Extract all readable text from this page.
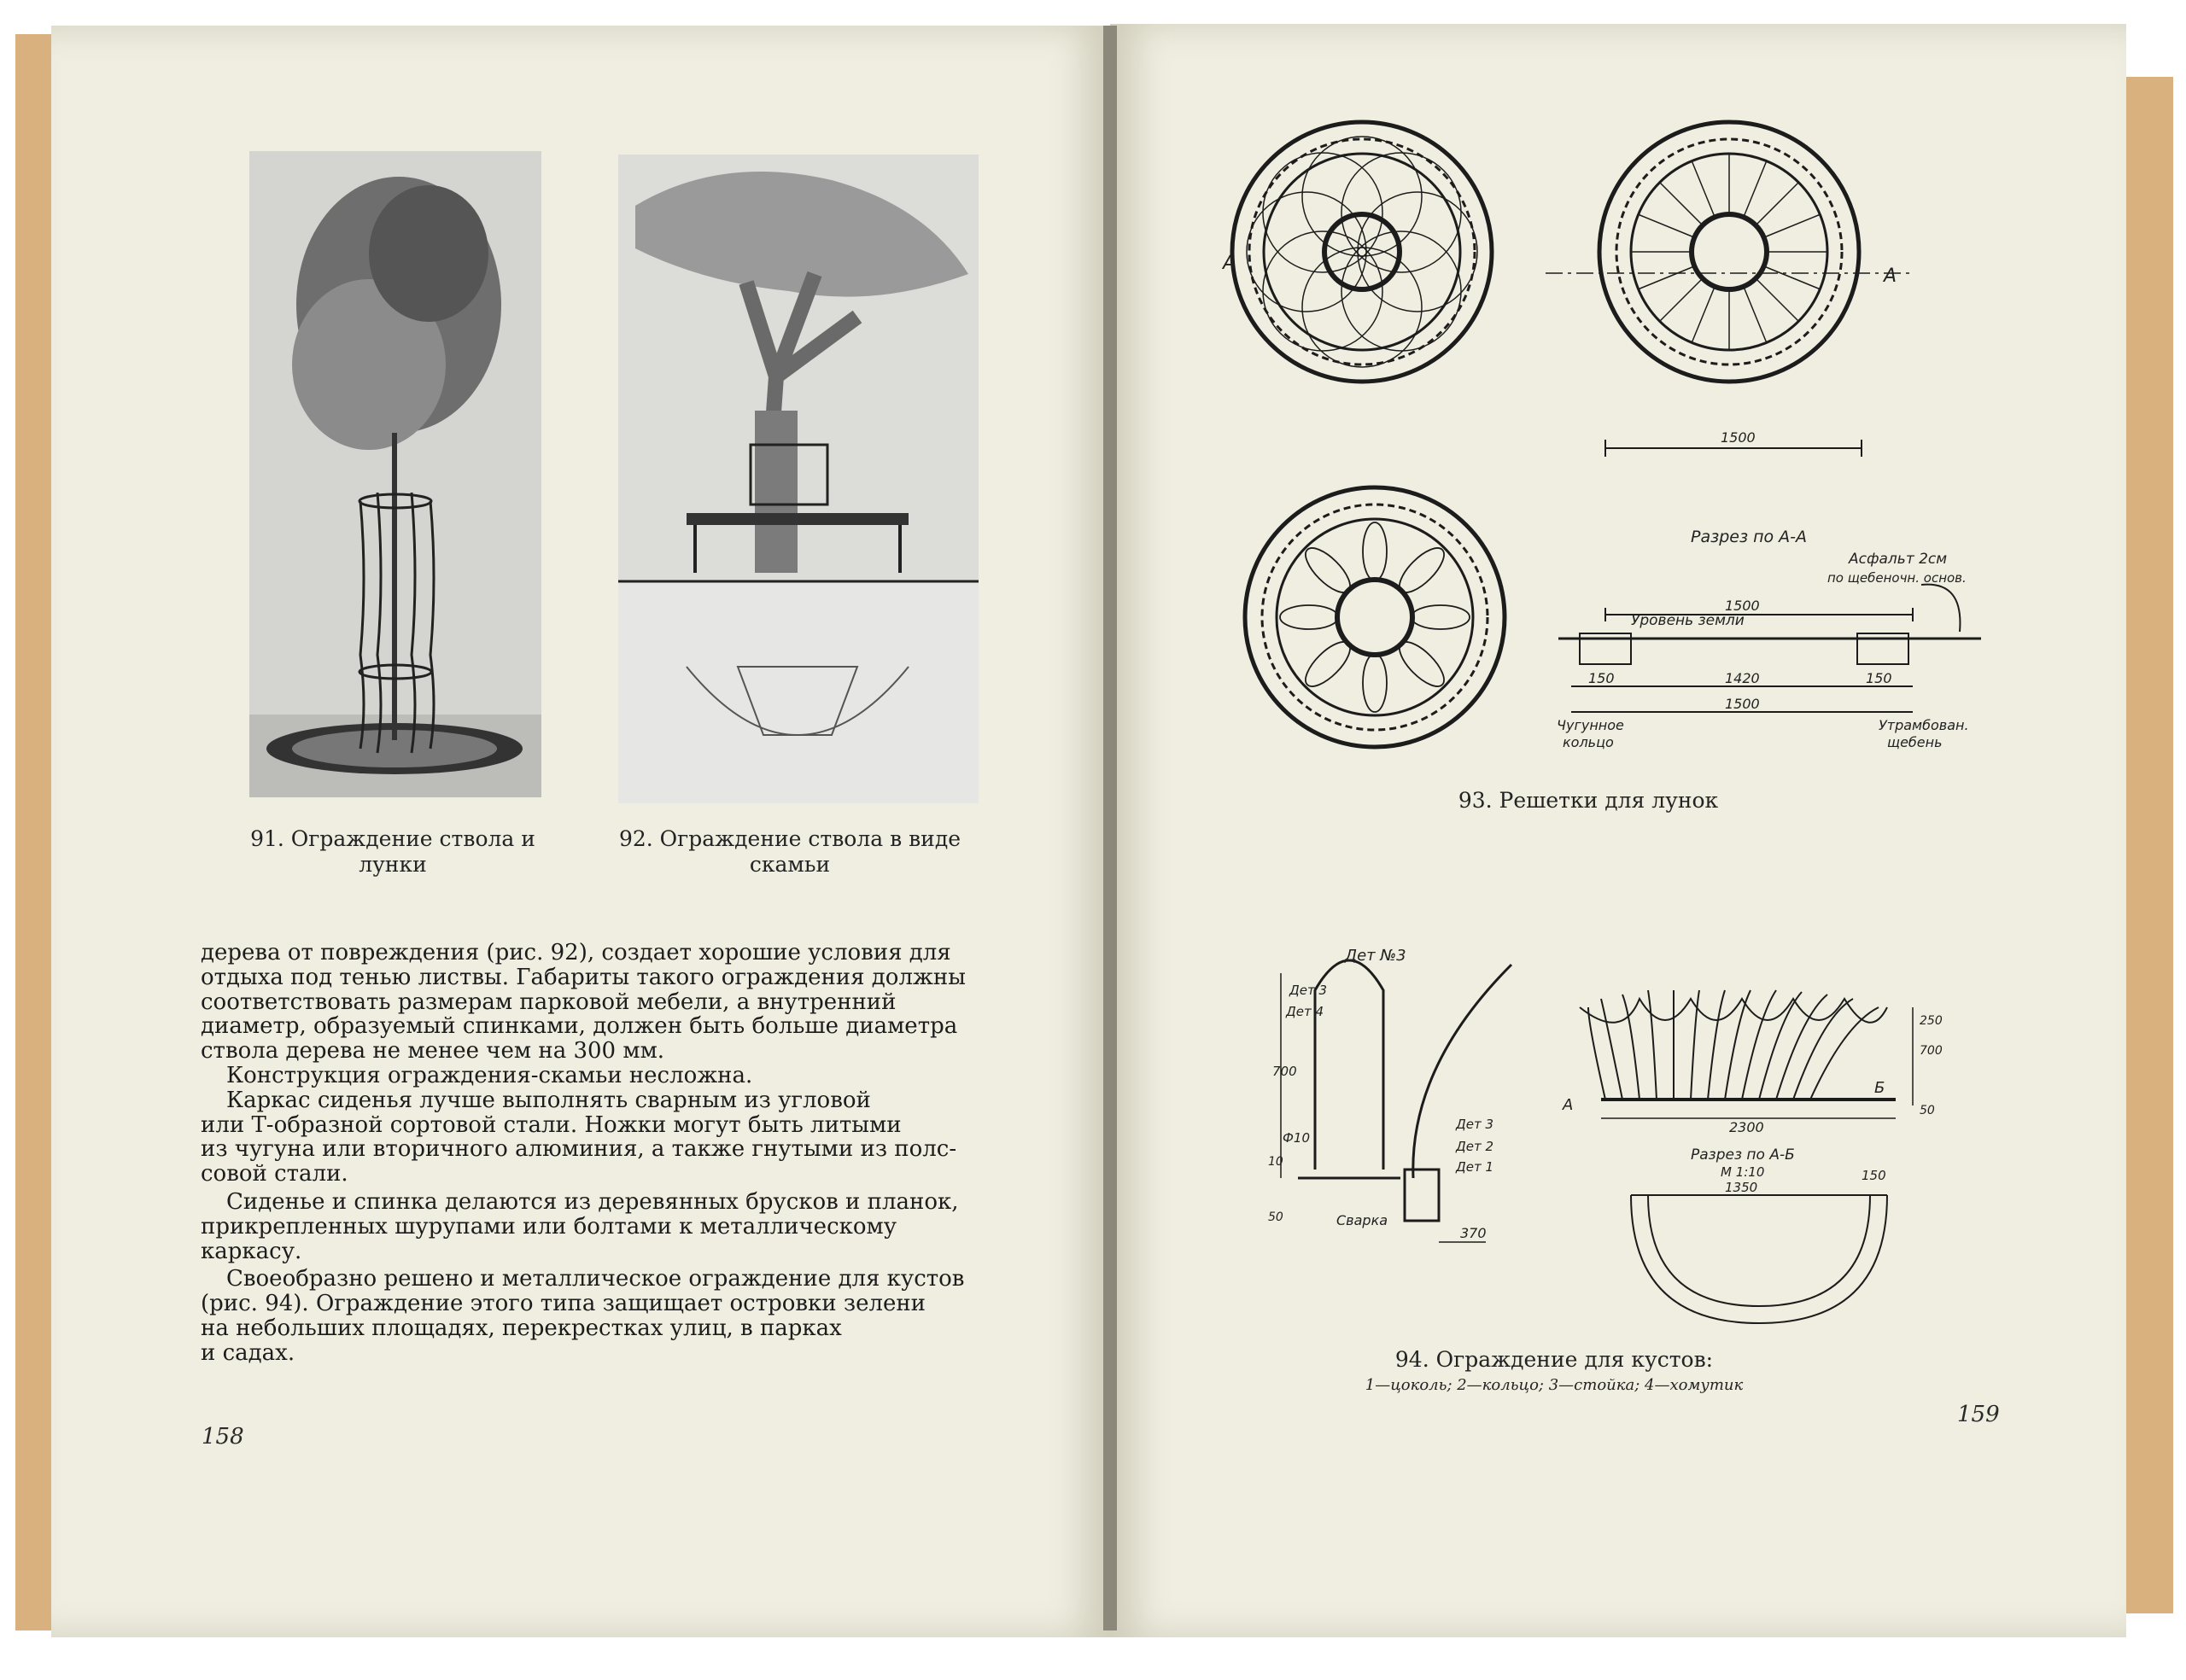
91. Ограждение ствола и
лунки
92. Ограждение ствола в виде
скамьи

дерева от повреждения (рис. 92), создает хорошие условия для

отдыха под тенью листвы. Габариты такого ограждения должны

соответствовать размерам парковой мебели, а внутренний

диаметр, образуемый спинками, должен быть больше диаметра

ствола дерева не менее чем на 300 мм.

Конструкция ограждения-скамьи несложна.

Каркас сиденья лучше выполнять сварным из угловой

или Т-образной сортовой стали. Ножки могут быть литыми

из чугуна или вторичного алюминия, а также гнутыми из полс-

совой стали.

Сиденье и спинка делаются из деревянных брусков и планок,

прикрепленных шурупами или болтами к металлическому

каркасу.

Своеобразно решено и металлическое ограждение для кустов

(рис. 94). Ограждение этого типа защищает островки зелени

на небольших площадях, перекрестках улиц, в парках

и садах.

158
А
А
1500
Разрез по А-А
Асфальт 2см
по щебеночн. основ.
Уровень земли
1500
150	1420	150
1500
Чугунное
кольцо
Утрамбован.
щебень
93. Решетки для лунок
Дет №3
Дет 3
Дет 4
700
Ф10
10
50	Сварка
370
Дет 3
Дет 2
Дет 1
250
700
А
Б
2300
50
Разрез по А-Б
М 1:10
1350
150
94. Ограждение для кустов:
1—цоколь; 2—кольцо; 3—стойка; 4—хомутик
159
